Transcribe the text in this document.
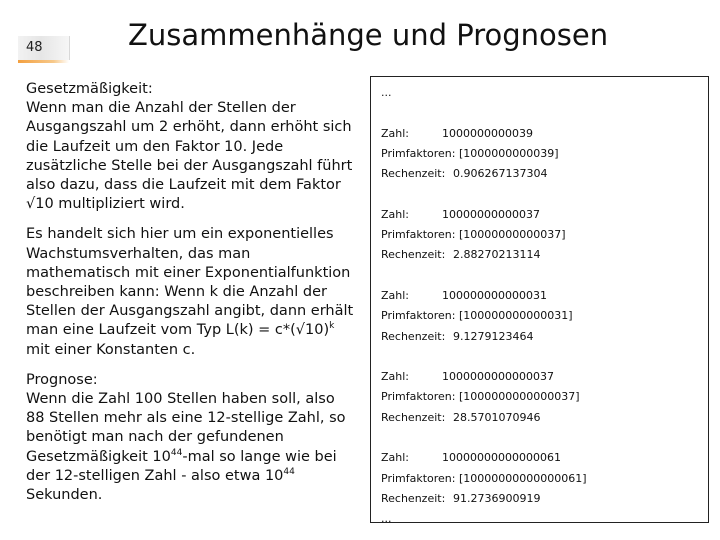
48	Zusammenhänge und Prognosen

Gesetzmäßigkeit:
Wenn man die Anzahl der Stellen der Ausgangszahl um 2 erhöht, dann erhöht sich die Laufzeit um den Faktor 10. Jede zusätzliche Stelle bei der Ausgangszahl führt also dazu, dass die Laufzeit mit dem Faktor √10 multipliziert wird.

Es handelt sich hier um ein exponentielles Wachstumsverhalten, das man mathematisch mit einer Exponentialfunktion beschreiben kann: Wenn k die Anzahl der Stellen der Ausgangszahl angibt, dann erhält man eine Laufzeit vom Typ $L(k) = c*(√10)^k$ mit einer Konstanten c.

Prognose:
Wenn die Zahl 100 Stellen haben soll, also 88 Stellen mehr als eine 12-stellige Zahl, so benötigt man nach der gefundenen Gesetzmäßigkeit $10^{44}$-mal so lange wie bei der 12-stelligen Zahl - also etwa $10^{44}$ Sekunden.

...
Zahl:	1000000000039
Primfaktoren: [1000000000039]
Rechenzeit: 0.906267137304
Zahl:	10000000000037
Primfaktoren: [10000000000037]
Rechenzeit: 2.88270213114
Zahl:	100000000000031
Primfaktoren: [100000000000031]
Rechenzeit: 9.1279123464
Zahl:	1000000000000037
Primfaktoren: [1000000000000037]
Rechenzeit: 28.5701070946
Zahl:	10000000000000061
Primfaktoren: [10000000000000061]
Rechenzeit: 91.2736900919
...
